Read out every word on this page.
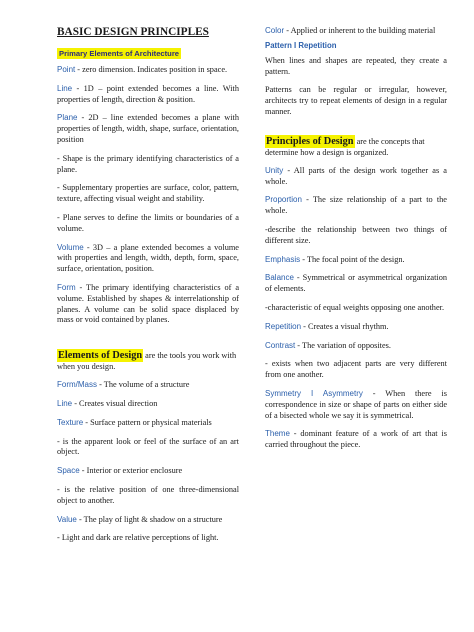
BASIC DESIGN PRINCIPLES
Primary Elements of Architecture

Point - zero dimension. Indicates position in space.

Line - 1D – point extended becomes a line. With properties of length, direction & position.

Plane - 2D – line extended becomes a plane with properties of length, width, shape, surface, orientation, position

- Shape is the primary identifying characteristics of a plane.

- Supplementary properties are surface, color, pattern, texture, affecting visual weight and stability.

- Plane serves to define the limits or boundaries of a volume.

Volume - 3D – a plane extended becomes a volume with properties and length, width, depth, form, space, surface, orientation, position.

Form - The primary identifying characteristics of a volume. Established by shapes & interrelationship of planes. A volume can be solid space displaced by mass or void contained by planes.

Elements of Design are the tools you work with when you design.

Form/Mass - The volume of a structure

Line - Creates visual direction

Texture - Surface pattern or physical materials

- is the apparent look or feel of the surface of an art object.

Space - Interior or exterior enclosure

- is the relative position of one three-dimensional object to another.

Value - The play of light & shadow on a structure

- Light and dark are relative perceptions of light.

Color - Applied or inherent to the building material

Pattern I Repetition

When lines and shapes are repeated, they create a pattern.

Patterns can be regular or irregular, however, architects try to repeat elements of design in a regular manner.

Principles of Design are the concepts that determine how a design is organized.

Unity - All parts of the design work together as a whole.

Proportion - The size relationship of a part to the whole.

-describe the relationship between two things of different size.

Emphasis - The focal point of the design.

Balance - Symmetrical or asymmetrical organization of elements.

-characteristic of equal weights opposing one another.

Repetition - Creates a visual rhythm.

Contrast - The variation of opposites.

- exists when two adjacent parts are very different from one another.

Symmetry I Asymmetry - When there is correspondence in size or shape of parts on either side of a bisected whole we say it is symmetrical.

Theme - dominant feature of a work of art that is carried throughout the piece.
